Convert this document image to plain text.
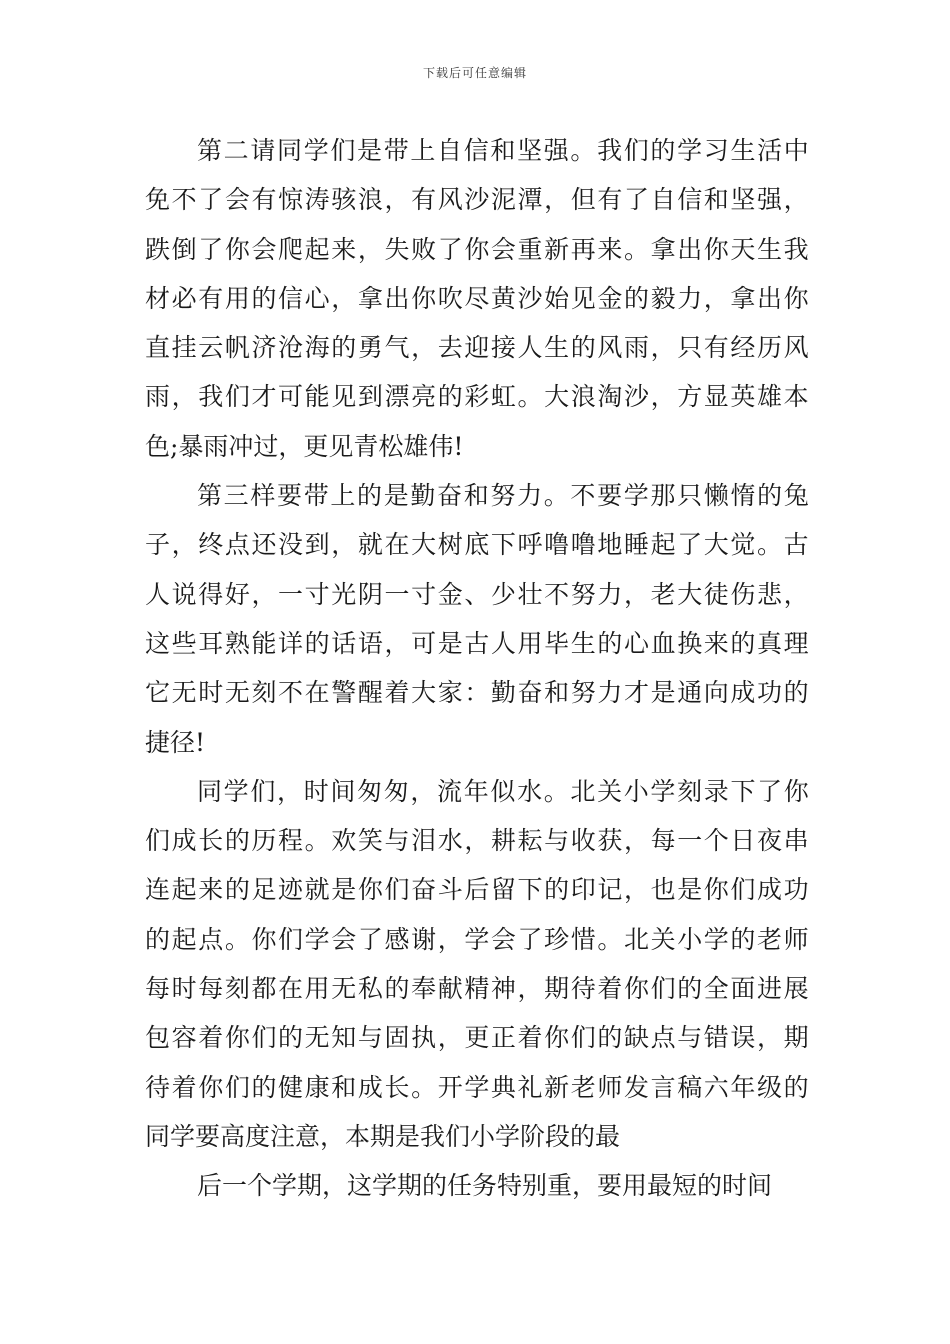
下载后可任意编辑
第 二 请 同 学 们 是 带 上 自 信 和 坚 强 。 我 们 的 学 习 生 活 中
免 不 了 会 有 惊 涛 骇 浪 ， 有 风 沙 泥 潭 ， 但 有 了 自 信 和 坚 强 ，
跌 倒 了 你 会 爬 起 来 ， 失 败 了 你 会 重 新 再 来 。 拿 出 你 天 生 我
材 必 有 用 的 信 心 ， 拿 出 你 吹 尽 黄 沙 始 见 金 的 毅 力 ， 拿 出 你
直 挂 云 帆 济 沧 海 的 勇 气 ， 去 迎 接 人 生 的 风 雨 ， 只 有 经 历 风
雨 ， 我 们 才 可 能 见 到 漂 亮 的 彩 虹 。 大 浪 淘 沙 ， 方 显 英 雄 本
色;暴雨冲过，更见青松雄伟!
第 三 样 要 带 上 的 是 勤 奋 和 努 力 。 不 要 学 那 只 懒 惰 的 兔
子 ， 终 点 还 没 到 ， 就 在 大 树 底 下 呼 噜 噜 地 睡 起 了 大 觉 。 古
人 说 得 好 ， 一 寸 光 阴 一 寸 金 、 少 壮 不 努 力 ， 老 大 徒 伤 悲 ，
这 些 耳 熟 能 详 的 话 语 ， 可 是 古 人 用 毕 生 的 心 血 换 来 的 真 理
它 无 时 无 刻 不 在 警 醒 着 大 家 ： 勤 奋 和 努 力 才 是 通 向 成 功 的
捷径!
同 学 们 ， 时 间 匆 匆 ， 流 年 似 水 。 北 关 小 学 刻 录 下 了 你
们 成 长 的 历 程 。 欢 笑 与 泪 水 ， 耕 耘 与 收 获 ， 每 一 个 日 夜 串
连 起 来 的 足 迹 就 是 你 们 奋 斗 后 留 下 的 印 记 ， 也 是 你 们 成 功
的 起 点 。 你 们 学 会 了 感 谢 ， 学 会 了 珍 惜 。 北 关 小 学 的 老 师
每 时 每 刻 都 在 用 无 私 的 奉 献 精 神 ， 期 待 着 你 们 的 全 面 进 展
包 容 着 你 们 的 无 知 与 固 执 ， 更 正 着 你 们 的 缺 点 与 错 误 ， 期
待 着 你 们 的 健 康 和 成 长 。 开 学 典 礼 新 老 师 发 言 稿 六 年 级 的
同学要高度注意，本期是我们小学阶段的最
后一个学期，这学期的任务特别重，要用最短的时间
